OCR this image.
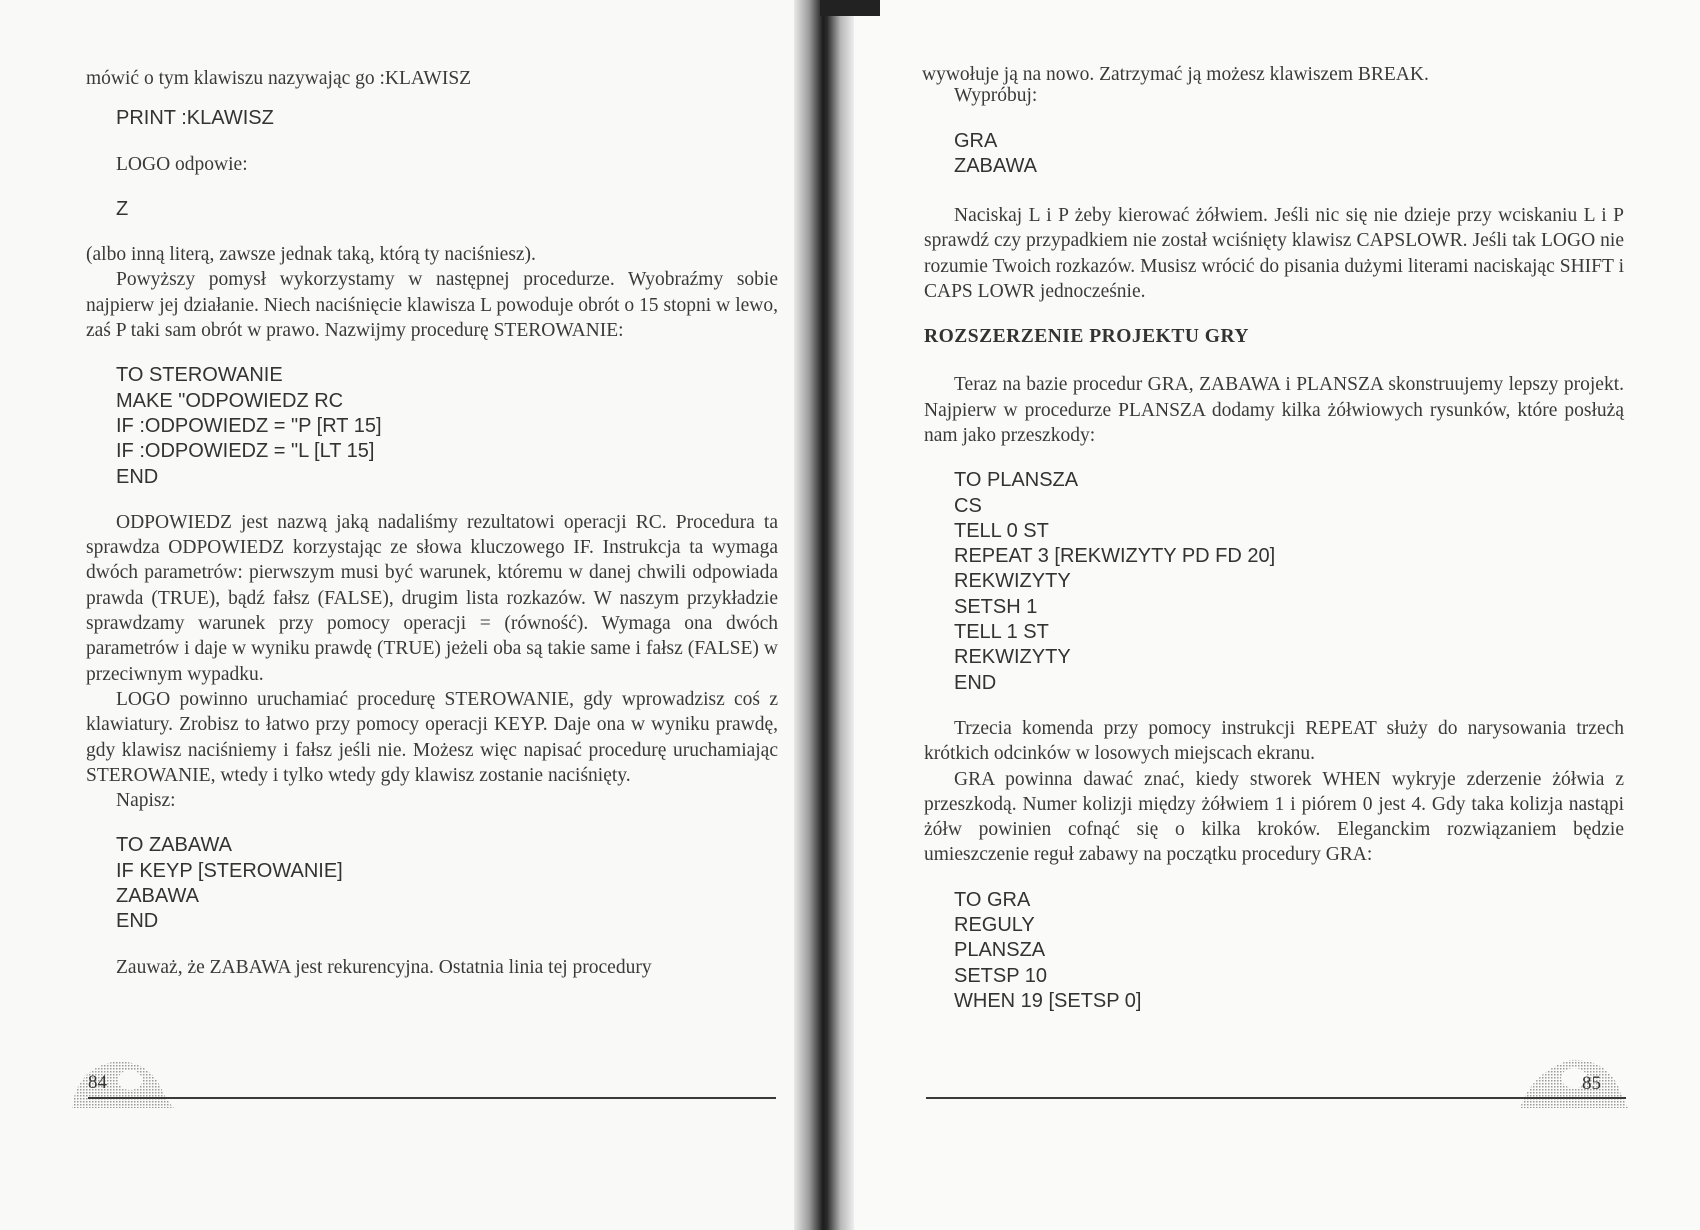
mówić o tym klawiszu nazywając go :KLAWISZ

PRINT :KLAWISZ

LOGO odpowie:

Z

(albo inną literą, zawsze jednak taką, którą ty naciśniesz).

Powyższy pomysł wykorzystamy w następnej procedurze. Wyobraźmy sobie najpierw jej działanie. Niech naciśnięcie klawisza L powoduje obrót o 15 stopni w lewo, zaś P taki sam obrót w prawo. Nazwijmy procedurę STEROWANIE:

TO STEROWANIE
MAKE "ODPOWIEDZ RC
IF :ODPOWIEDZ = "P [RT 15]
IF :ODPOWIEDZ = "L [LT 15]
END

ODPOWIEDZ jest nazwą jaką nadaliśmy rezultatowi operacji RC. Procedura ta sprawdza ODPOWIEDZ korzystając ze słowa kluczowego IF. Instrukcja ta wymaga dwóch parametrów: pierwszym musi być warunek, któremu w danej chwili odpowiada prawda (TRUE), bądź fałsz (FALSE), drugim lista rozkazów. W naszym przykładzie sprawdzamy warunek przy pomocy operacji = (równość). Wymaga ona dwóch parametrów i daje w wyniku prawdę (TRUE) jeżeli oba są takie same i fałsz (FALSE) w przeciwnym wypadku.

LOGO powinno uruchamiać procedurę STEROWANIE, gdy wprowadzisz coś z klawiatury. Zrobisz to łatwo przy pomocy operacji KEYP. Daje ona w wyniku prawdę, gdy klawisz naciśniemy i fałsz jeśli nie. Możesz więc napisać procedurę uruchamiając STEROWANIE, wtedy i tylko wtedy gdy klawisz zostanie naciśnięty.

Napisz:

TO ZABAWA
IF KEYP [STEROWANIE]
ZABAWA
END

Zauważ, że ZABAWA jest rekurencyjna. Ostatnia linia tej procedury

84

wywołuje ją na nowo. Zatrzymać ją możesz klawiszem BREAK.

Wypróbuj:

GRA
ZABAWA

Naciskaj L i P żeby kierować żółwiem. Jeśli nic się nie dzieje przy wciskaniu L i P sprawdź czy przypadkiem nie został wciśnięty klawisz CAPSLOWR. Jeśli tak LOGO nie rozumie Twoich rozkazów. Musisz wrócić do pisania dużymi literami naciskając SHIFT i CAPS LOWR jednocześnie.

ROZSZERZENIE PROJEKTU GRY

Teraz na bazie procedur GRA, ZABAWA i PLANSZA skonstruujemy lepszy projekt. Najpierw w procedurze PLANSZA dodamy kilka żółwiowych rysunków, które posłużą nam jako przeszkody:

TO PLANSZA
CS
TELL 0 ST
REPEAT 3 [REKWIZYTY PD FD 20]
REKWIZYTY
SETSH 1
TELL 1 ST
REKWIZYTY
END

Trzecia komenda przy pomocy instrukcji REPEAT służy do narysowania trzech krótkich odcinków w losowych miejscach ekranu.

GRA powinna dawać znać, kiedy stworek WHEN wykryje zderzenie żółwia z przeszkodą. Numer kolizji między żółwiem 1 i piórem 0 jest 4. Gdy taka kolizja nastąpi żółw powinien cofnąć się o kilka kroków. Eleganckim rozwiązaniem będzie umieszczenie reguł zabawy na początku procedury GRA:

TO GRA
REGULY
PLANSZA
SETSP 10
WHEN 19 [SETSP 0]
85
